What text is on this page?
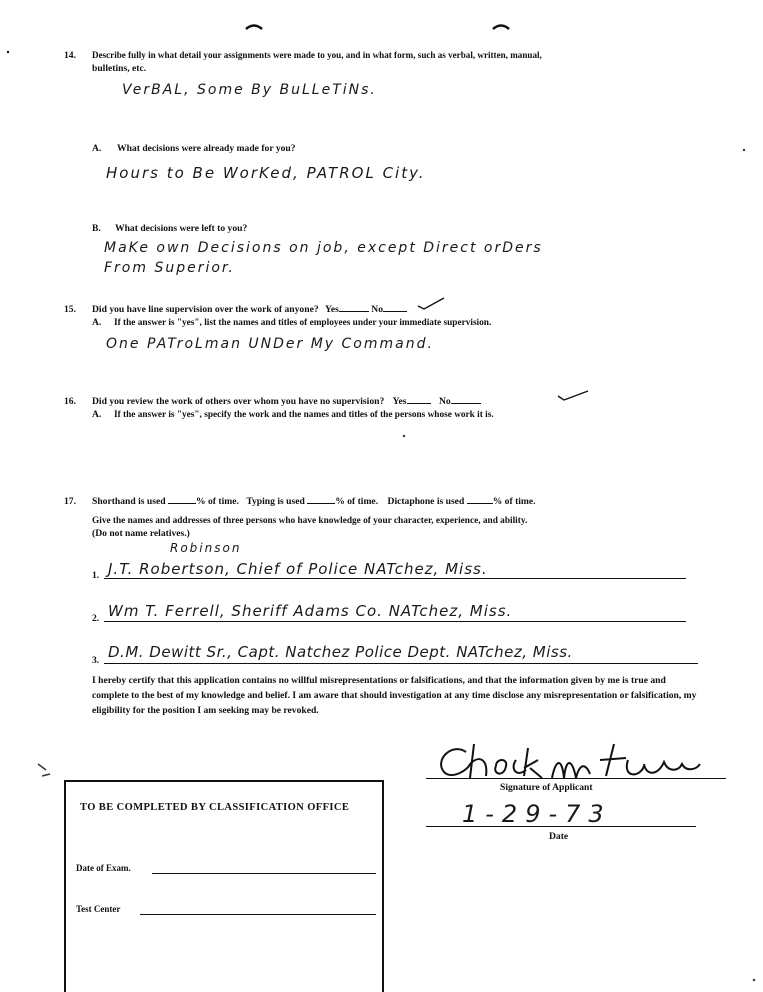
14. Describe fully in what detail your assignments were made to you, and in what form, such as verbal, written, manual,
bulletins, etc.
VerBAL, Some By BuLLeTiNs.
A. What decisions were already made for you?
Hours to Be WorKed, PATROL City.
B. What decisions were left to you?
MaKe own Decisions on job, except Direct orDers
From Superior.
15. Did you have line supervision over the work of anyone? Yes	No
A. If the answer is "yes", list the names and titles of employees under your immediate supervision.
One PATroLman UNDer My Command.
16. Did you review the work of others over whom you have no supervision? Yes	No
A. If the answer is "yes", specify the work and the names and titles of the persons whose work it is.
17. Shorthand is used	% of time. Typing is used	% of time. Dictaphone is used	% of time.
Give the names and addresses of three persons who have knowledge of your character, experience, and ability.
(Do not name relatives.)
Robinson
1. J.T. Robertson, Chief of Police NATchez, Miss.
2. Wm T. Ferrell, Sheriff Adams Co. NATchez, Miss.
3. D.M. Dewitt Sr., Capt. Natchez Police Dept. NATchez, Miss.
I hereby certify that this application contains no willful misrepresentations or falsifications, and that the information given by me is true and complete to the best of my knowledge and belief. I am aware that should investigation at any time disclose any misrepresentation or falsification, my eligibility for the position I am seeking may be revoked.
TO BE COMPLETED BY CLASSIFICATION OFFICE
Date of Exam.
Test Center
Signature of Applicant
1-29-73
Date
